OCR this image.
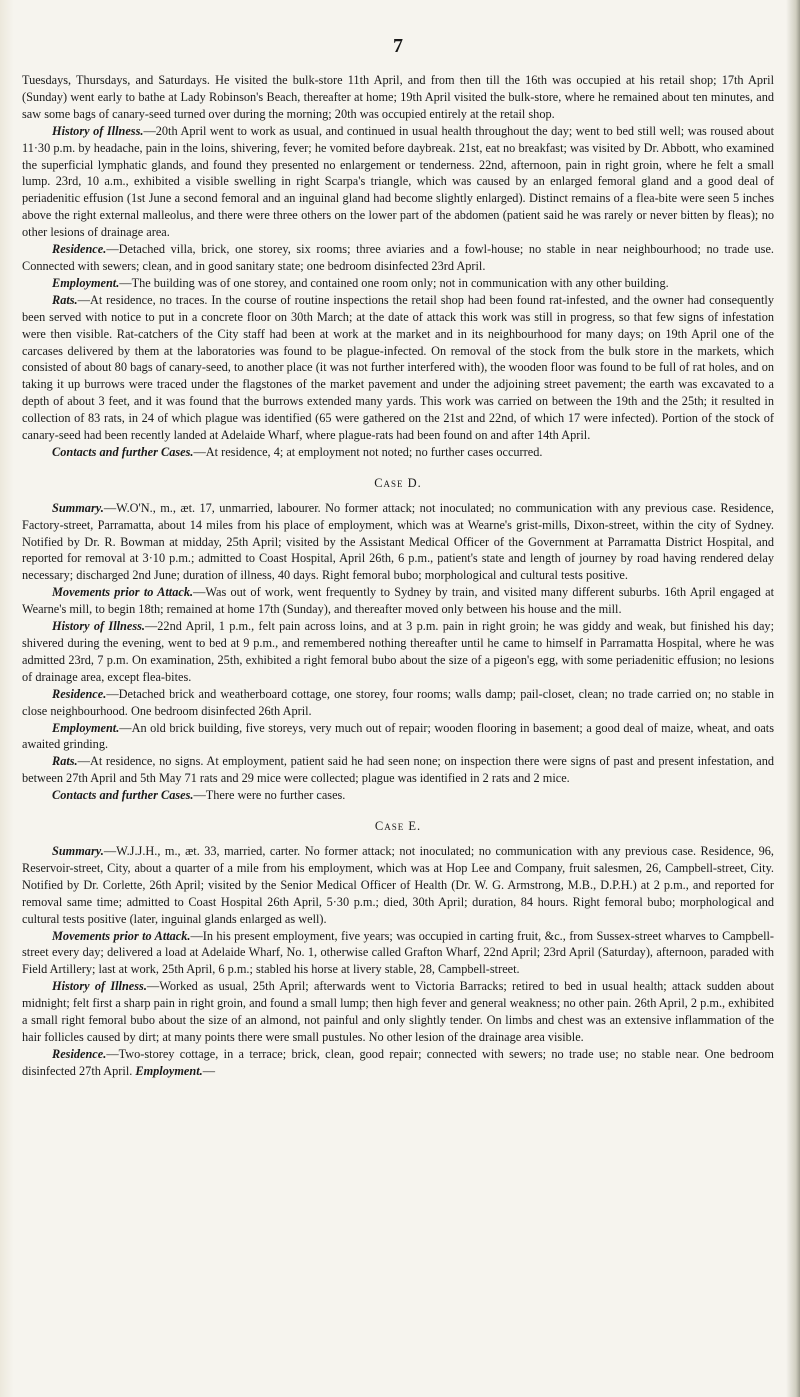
7

Tuesdays, Thursdays, and Saturdays. He visited the bulk-store 11th April, and from then till the 16th was occupied at his retail shop; 17th April (Sunday) went early to bathe at Lady Robinson's Beach, thereafter at home; 19th April visited the bulk-store, where he remained about ten minutes, and saw some bags of canary-seed turned over during the morning; 20th was occupied entirely at the retail shop.

History of Illness.—20th April went to work as usual, and continued in usual health throughout the day; went to bed still well; was roused about 11·30 p.m. by headache, pain in the loins, shivering, fever; he vomited before daybreak. 21st, eat no breakfast; was visited by Dr. Abbott, who examined the superficial lymphatic glands, and found they presented no enlargement or tenderness. 22nd, afternoon, pain in right groin, where he felt a small lump. 23rd, 10 a.m., exhibited a visible swelling in right Scarpa's triangle, which was caused by an enlarged femoral gland and a good deal of periadenitic effusion (1st June a second femoral and an inguinal gland had become slightly enlarged). Distinct remains of a flea-bite were seen 5 inches above the right external malleolus, and there were three others on the lower part of the abdomen (patient said he was rarely or never bitten by fleas); no other lesions of drainage area.

Residence.—Detached villa, brick, one storey, six rooms; three aviaries and a fowl-house; no stable in near neighbourhood; no trade use. Connected with sewers; clean, and in good sanitary state; one bedroom disinfected 23rd April.

Employment.—The building was of one storey, and contained one room only; not in communication with any other building.

Rats.—At residence, no traces. In the course of routine inspections the retail shop had been found rat-infested, and the owner had consequently been served with notice to put in a concrete floor on 30th March; at the date of attack this work was still in progress, so that few signs of infestation were then visible. Rat-catchers of the City staff had been at work at the market and in its neighbourhood for many days; on 19th April one of the carcases delivered by them at the laboratories was found to be plague-infected. On removal of the stock from the bulk store in the markets, which consisted of about 80 bags of canary-seed, to another place (it was not further interfered with), the wooden floor was found to be full of rat holes, and on taking it up burrows were traced under the flagstones of the market pavement and under the adjoining street pavement; the earth was excavated to a depth of about 3 feet, and it was found that the burrows extended many yards. This work was carried on between the 19th and the 25th; it resulted in collection of 83 rats, in 24 of which plague was identified (65 were gathered on the 21st and 22nd, of which 17 were infected). Portion of the stock of canary-seed had been recently landed at Adelaide Wharf, where plague-rats had been found on and after 14th April.

Contacts and further Cases.—At residence, 4; at employment not noted; no further cases occurred.

Case D.

Summary.—W.O'N., m., æt. 17, unmarried, labourer. No former attack; not inoculated; no communication with any previous case. Residence, Factory-street, Parramatta, about 14 miles from his place of employment, which was at Wearne's grist-mills, Dixon-street, within the city of Sydney. Notified by Dr. R. Bowman at midday, 25th April; visited by the Assistant Medical Officer of the Government at Parramatta District Hospital, and reported for removal at 3·10 p.m.; admitted to Coast Hospital, April 26th, 6 p.m., patient's state and length of journey by road having rendered delay necessary; discharged 2nd June; duration of illness, 40 days. Right femoral bubo; morphological and cultural tests positive.

Movements prior to Attack.—Was out of work, went frequently to Sydney by train, and visited many different suburbs. 16th April engaged at Wearne's mill, to begin 18th; remained at home 17th (Sunday), and thereafter moved only between his house and the mill.

History of Illness.—22nd April, 1 p.m., felt pain across loins, and at 3 p.m. pain in right groin; he was giddy and weak, but finished his day; shivered during the evening, went to bed at 9 p.m., and remembered nothing thereafter until he came to himself in Parramatta Hospital, where he was admitted 23rd, 7 p.m. On examination, 25th, exhibited a right femoral bubo about the size of a pigeon's egg, with some periadenitic effusion; no lesions of drainage area, except flea-bites.

Residence.—Detached brick and weatherboard cottage, one storey, four rooms; walls damp; pail-closet, clean; no trade carried on; no stable in close neighbourhood. One bedroom disinfected 26th April.

Employment.—An old brick building, five storeys, very much out of repair; wooden flooring in basement; a good deal of maize, wheat, and oats awaited grinding.

Rats.—At residence, no signs. At employment, patient said he had seen none; on inspection there were signs of past and present infestation, and between 27th April and 5th May 71 rats and 29 mice were collected; plague was identified in 2 rats and 2 mice.

Contacts and further Cases.—There were no further cases.

Case E.

Summary.—W.J.J.H., m., æt. 33, married, carter. No former attack; not inoculated; no communication with any previous case. Residence, 96, Reservoir-street, City, about a quarter of a mile from his employment, which was at Hop Lee and Company, fruit salesmen, 26, Campbell-street, City. Notified by Dr. Corlette, 26th April; visited by the Senior Medical Officer of Health (Dr. W. G. Armstrong, M.B., D.P.H.) at 2 p.m., and reported for removal same time; admitted to Coast Hospital 26th April, 5·30 p.m.; died, 30th April; duration, 84 hours. Right femoral bubo; morphological and cultural tests positive (later, inguinal glands enlarged as well).

Movements prior to Attack.—In his present employment, five years; was occupied in carting fruit, &c., from Sussex-street wharves to Campbell-street every day; delivered a load at Adelaide Wharf, No. 1, otherwise called Grafton Wharf, 22nd April; 23rd April (Saturday), afternoon, paraded with Field Artillery; last at work, 25th April, 6 p.m.; stabled his horse at livery stable, 28, Campbell-street.

History of Illness.—Worked as usual, 25th April; afterwards went to Victoria Barracks; retired to bed in usual health; attack sudden about midnight; felt first a sharp pain in right groin, and found a small lump; then high fever and general weakness; no other pain. 26th April, 2 p.m., exhibited a small right femoral bubo about the size of an almond, not painful and only slightly tender. On limbs and chest was an extensive inflammation of the hair follicles caused by dirt; at many points there were small pustules. No other lesion of the drainage area visible.

Residence.—Two-storey cottage, in a terrace; brick, clean, good repair; connected with sewers; no trade use; no stable near. One bedroom disinfected 27th April. Employment.—
